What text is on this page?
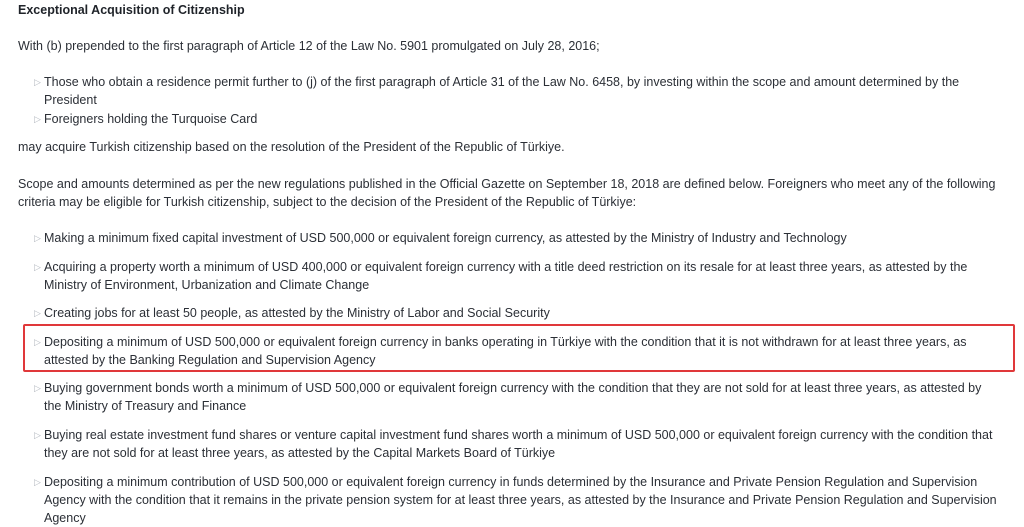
Exceptional Acquisition of Citizenship
With (b) prepended to the first paragraph of Article 12 of the Law No. 5901 promulgated on July 28, 2016;
▷ Those who obtain a residence permit further to (j) of the first paragraph of Article 31 of the Law No. 6458, by investing within the scope and amount determined by the President
▷ Foreigners holding the Turquoise Card
may acquire Turkish citizenship based on the resolution of the President of the Republic of Türkiye.
Scope and amounts determined as per the new regulations published in the Official Gazette on September 18, 2018 are defined below. Foreigners who meet any of the following criteria may be eligible for Turkish citizenship, subject to the decision of the President of the Republic of Türkiye:
▷ Making a minimum fixed capital investment of USD 500,000 or equivalent foreign currency, as attested by the Ministry of Industry and Technology
▷ Acquiring a property worth a minimum of USD 400,000 or equivalent foreign currency with a title deed restriction on its resale for at least three years, as attested by the Ministry of Environment, Urbanization and Climate Change
▷ Creating jobs for at least 50 people, as attested by the Ministry of Labor and Social Security
▷ Depositing a minimum of USD 500,000 or equivalent foreign currency in banks operating in Türkiye with the condition that it is not withdrawn for at least three years, as attested by the Banking Regulation and Supervision Agency
▷ Buying government bonds worth a minimum of USD 500,000 or equivalent foreign currency with the condition that they are not sold for at least three years, as attested by the Ministry of Treasury and Finance
▷ Buying real estate investment fund shares or venture capital investment fund shares worth a minimum of USD 500,000 or equivalent foreign currency with the condition that they are not sold for at least three years, as attested by the Capital Markets Board of Türkiye
▷ Depositing a minimum contribution of USD 500,000 or equivalent foreign currency in funds determined by the Insurance and Private Pension Regulation and Supervision Agency with the condition that it remains in the private pension system for at least three years, as attested by the Insurance and Private Pension Regulation and Supervision Agency
